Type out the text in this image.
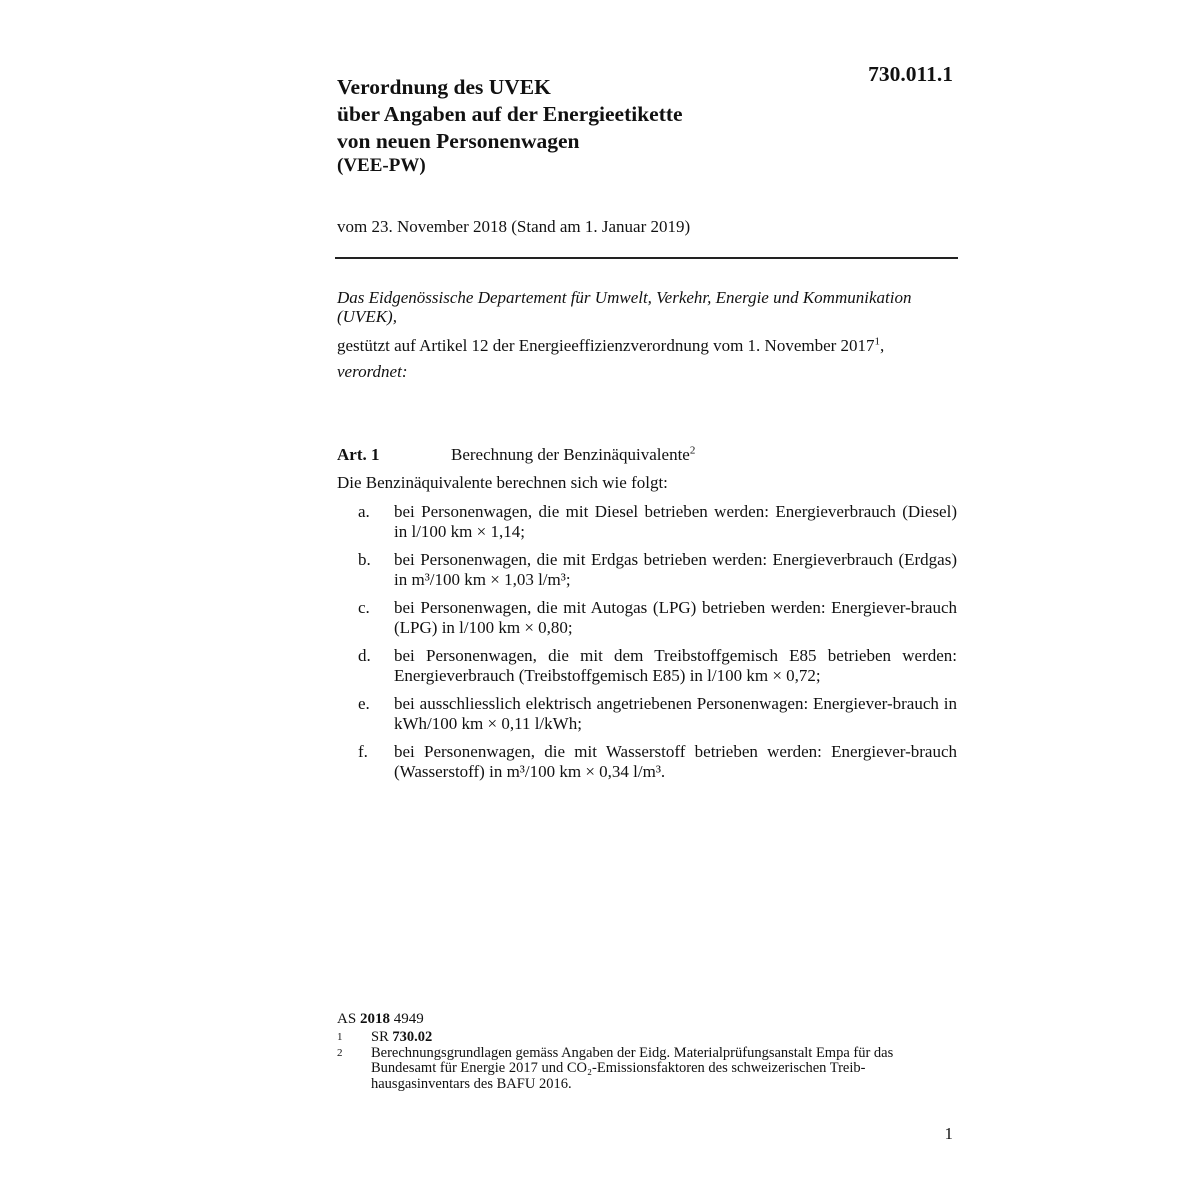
730.011.1
Verordnung des UVEK
über Angaben auf der Energieetikette
von neuen Personenwagen
(VEE-PW)
vom 23. November 2018 (Stand am 1. Januar 2019)
Das Eidgenössische Departement für Umwelt, Verkehr, Energie und Kommunikation (UVEK),
gestützt auf Artikel 12 der Energieeffizienzverordnung vom 1. November 2017$^1$,
verordnet:
Art. 1	Berechnung der Benzinäquivalente$^2$
Die Benzinäquivalente berechnen sich wie folgt:
a.	bei Personenwagen, die mit Diesel betrieben werden: Energieverbrauch (Diesel) in l/100 km × 1,14;
b.	bei Personenwagen, die mit Erdgas betrieben werden: Energieverbrauch (Erdgas) in m³/100 km × 1,03 l/m³;
c.	bei Personenwagen, die mit Autogas (LPG) betrieben werden: Energiever-brauch (LPG) in l/100 km × 0,80;
d.	bei Personenwagen, die mit dem Treibstoffgemisch E85 betrieben werden: Energieverbrauch (Treibstoffgemisch E85) in l/100 km × 0,72;
e.	bei ausschliesslich elektrisch angetriebenen Personenwagen: Energiever-brauch in kWh/100 km × 0,11 l/kWh;
f.	bei Personenwagen, die mit Wasserstoff betrieben werden: Energiever-brauch (Wasserstoff) in m³/100 km × 0,34 l/m³.
AS 2018 4949
1	SR 730.02
2	Berechnungsgrundlagen gemäss Angaben der Eidg. Materialprüfungsanstalt Empa für das Bundesamt für Energie 2017 und CO₂-Emissionsfaktoren des schweizerischen Treib-hausgasinventars des BAFU 2016.
1
